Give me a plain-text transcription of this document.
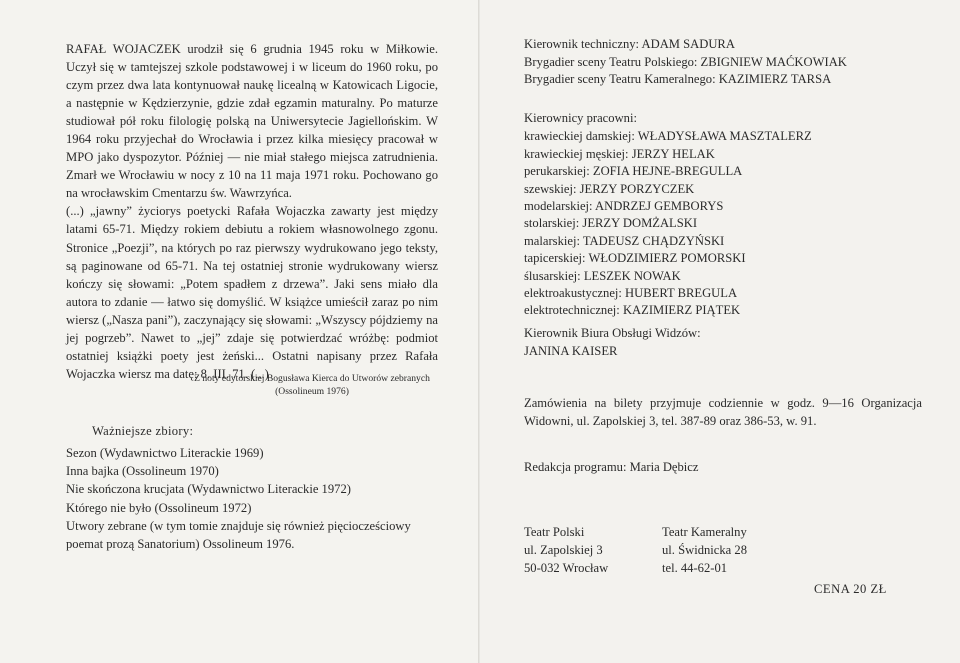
RAFAŁ WOJACZEK urodził się 6 grudnia 1945 roku w Miłkowie. Uczył się w tamtejszej szkole podstawowej i w liceum do 1960 roku, po czym przez dwa lata kontynuował naukę licealną w Katowicach Ligocie, a następnie w Kędzierzynie, gdzie zdał egzamin maturalny. Po maturze studiował pół roku filologię polską na Uniwersytecie Jagiellońskim. W 1964 roku przyjechał do Wrocławia i przez kilka miesięcy pracował w MPO jako dyspozytor. Później — nie miał stałego miejsca zatrudnienia. Zmarł we Wrocławiu w nocy z 10 na 11 maja 1971 roku. Pochowano go na wrocławskim Cmentarzu św. Wawrzyńca.

(...) „jawny” życiorys poetycki Rafała Wojaczka zawarty jest między latami 65-71. Między rokiem debiutu a rokiem własnowolnego zgonu. Stronice „Poezji”, na których po raz pierwszy wydrukowano jego teksty, są paginowane od 65-71. Na tej ostatniej stronie wydrukowany wiersz kończy się słowami: „Potem spadłem z drzewa”. Jaki sens miało dla autora to zdanie — łatwo się domyślić. W książce umieścił zaraz po nim wiersz („Nasza pani”), zaczynający się słowami: „Wszyscy pójdziemy na jej pogrzeb”. Nawet to „jej” zdaje się potwierdzać wróżbę: podmiot ostatniej książki poety jest żeński... Ostatni napisany przez Rafała Wojaczka wiersz ma datę: 8. III. 71. (...)

Z noty edytorskiej Bogusława Kierca do Utworów zebranych (Ossolineum 1976)
Ważniejsze zbiory:
Sezon (Wydawnictwo Literackie 1969)
Inna bajka (Ossolineum 1970)
Nie skończona krucjata (Wydawnictwo Literackie 1972)
Którego nie było (Ossolineum 1972)
Utwory zebrane (w tym tomie znajduje się również pięciocześciowy poemat prozą Sanatorium) Ossolineum 1976.
Kierownik techniczny: ADAM SADURA
Brygadier sceny Teatru Polskiego: ZBIGNIEW MAĆKOWIAK
Brygadier sceny Teatru Kameralnego: KAZIMIERZ TARSA
Kierownicy pracowni:
krawieckiej damskiej: WŁADYSŁAWA MASZTALERZ
krawieckiej męskiej: JERZY HELAK
perukarskiej: ZOFIA HEJNE-BREGULLA
szewskiej: JERZY PORZYCZEK
modelarskiej: ANDRZEJ GEMBORYS
stolarskiej: JERZY DOMŻALSKI
malarskiej: TADEUSZ CHĄDZYŃSKI
tapicerskiej: WŁODZIMIERZ POMORSKI
ślusarskiej: LESZEK NOWAK
elektroakustycznej: HUBERT BREGULA
elektrotechnicznej: KAZIMIERZ PIĄTEK
Kierownik Biura Obsługi Widzów:
JANINA KAISER
Zamówienia na bilety przyjmuje codziennie w godz. 9—16 Organizacja Widowni, ul. Zapolskiej 3, tel. 387-89 oraz 386-53, w. 91.
Redakcja programu: Maria Dębicz
Teatr Polski
ul. Zapolskiej 3
50-032 Wrocław
Teatr Kameralny
ul. Świdnicka 28
tel. 44-62-01
CENA 20 ZŁ
